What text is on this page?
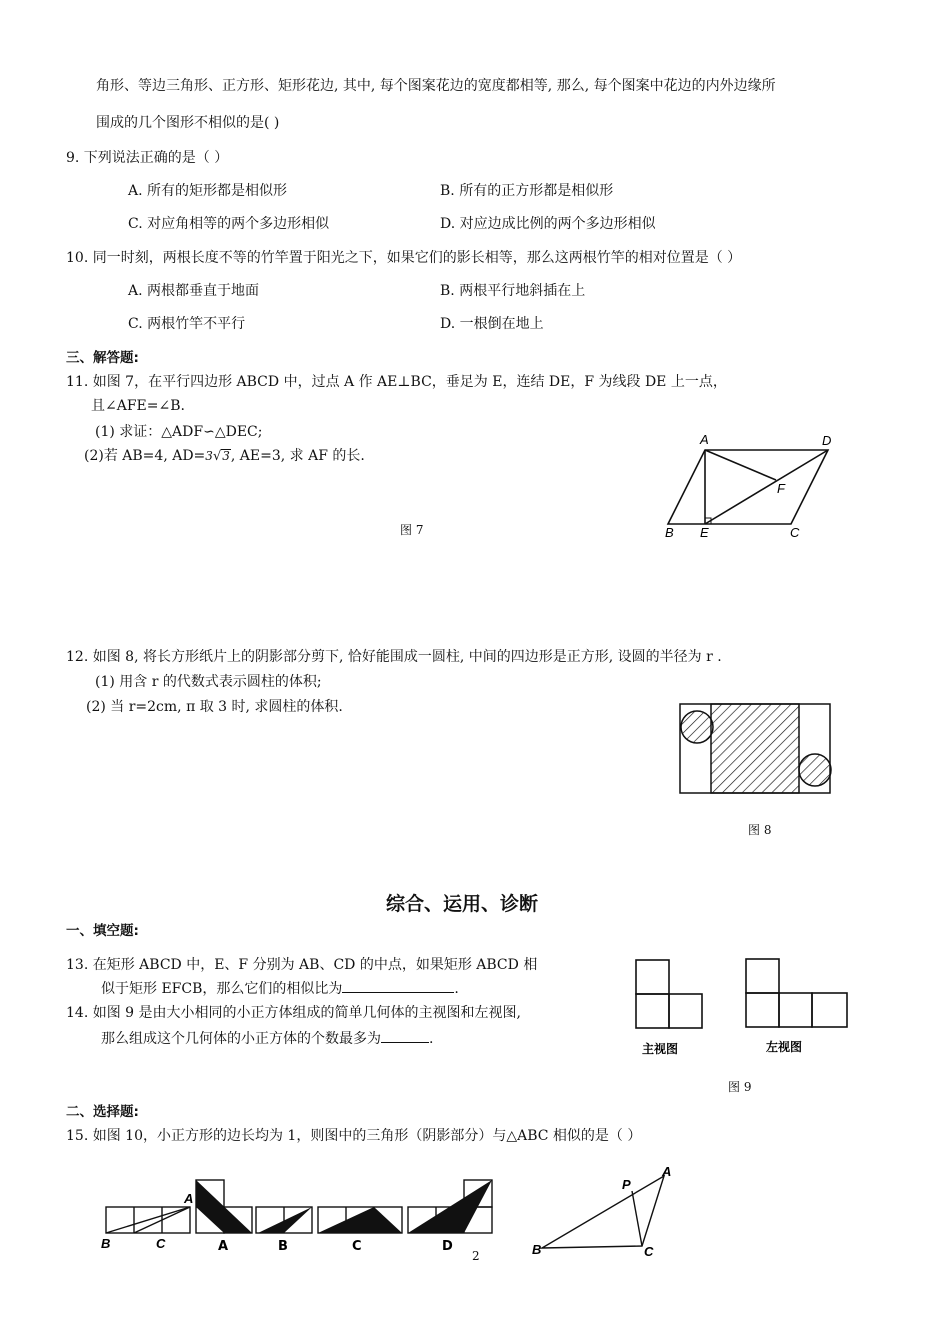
角形、等边三角形、正方形、矩形花边, 其中, 每个图案花边的宽度都相等, 那么, 每个图案中花边的内外边缘所
围成的几个图形不相似的是( )
9. 下列说法正确的是（ ）
A. 所有的矩形都是相似形	B. 所有的正方形都是相似形
C. 对应角相等的两个多边形相似	D. 对应边成比例的两个多边形相似
10. 同一时刻，两根长度不等的竹竿置于阳光之下，如果它们的影长相等，那么这两根竹竿的相对位置是（ ）
A. 两根都垂直于地面	B. 两根平行地斜插在上
C. 两根竹竿不平行	D. 一根倒在地上
三、解答题:
11. 如图 7，在平行四边形 ABCD 中，过点 A 作 AE⊥BC，垂足为 E，连结 DE，F 为线段 DE 上一点，
且∠AFE=∠B.
(1) 求证：△ADF∽△DEC;
(2)若 AB=4, AD=3√3, AE=3, 求 AF 的长.
图 7
A	D
F
B E	C
12. 如图 8, 将长方形纸片上的阴影部分剪下, 恰好能围成一圆柱, 中间的四边形是正方形, 设圆的半径为 r .
(1) 用含 r 的代数式表示圆柱的体积;
(2) 当 r=2cm, π 取 3 时, 求圆柱的体积.
图 8
综合、运用、诊断
一、填空题:
13. 在矩形 ABCD 中，E、F 分别为 AB、CD 的中点，如果矩形 ABCD 相
似于矩形 EFCB，那么它们的相似比为	.
14. 如图 9 是由大小相同的小正方体组成的简单几何体的主视图和左视图,
那么组成这个几何体的小正方体的个数最多为	.
主视图	左视图
图 9
二、选择题:
15. 如图 10，小正方形的边长均为 1，则图中的三角形（阴影部分）与△ABC 相似的是（ ）
A
B	C	A	B	C	D
2
A
P
B	C
